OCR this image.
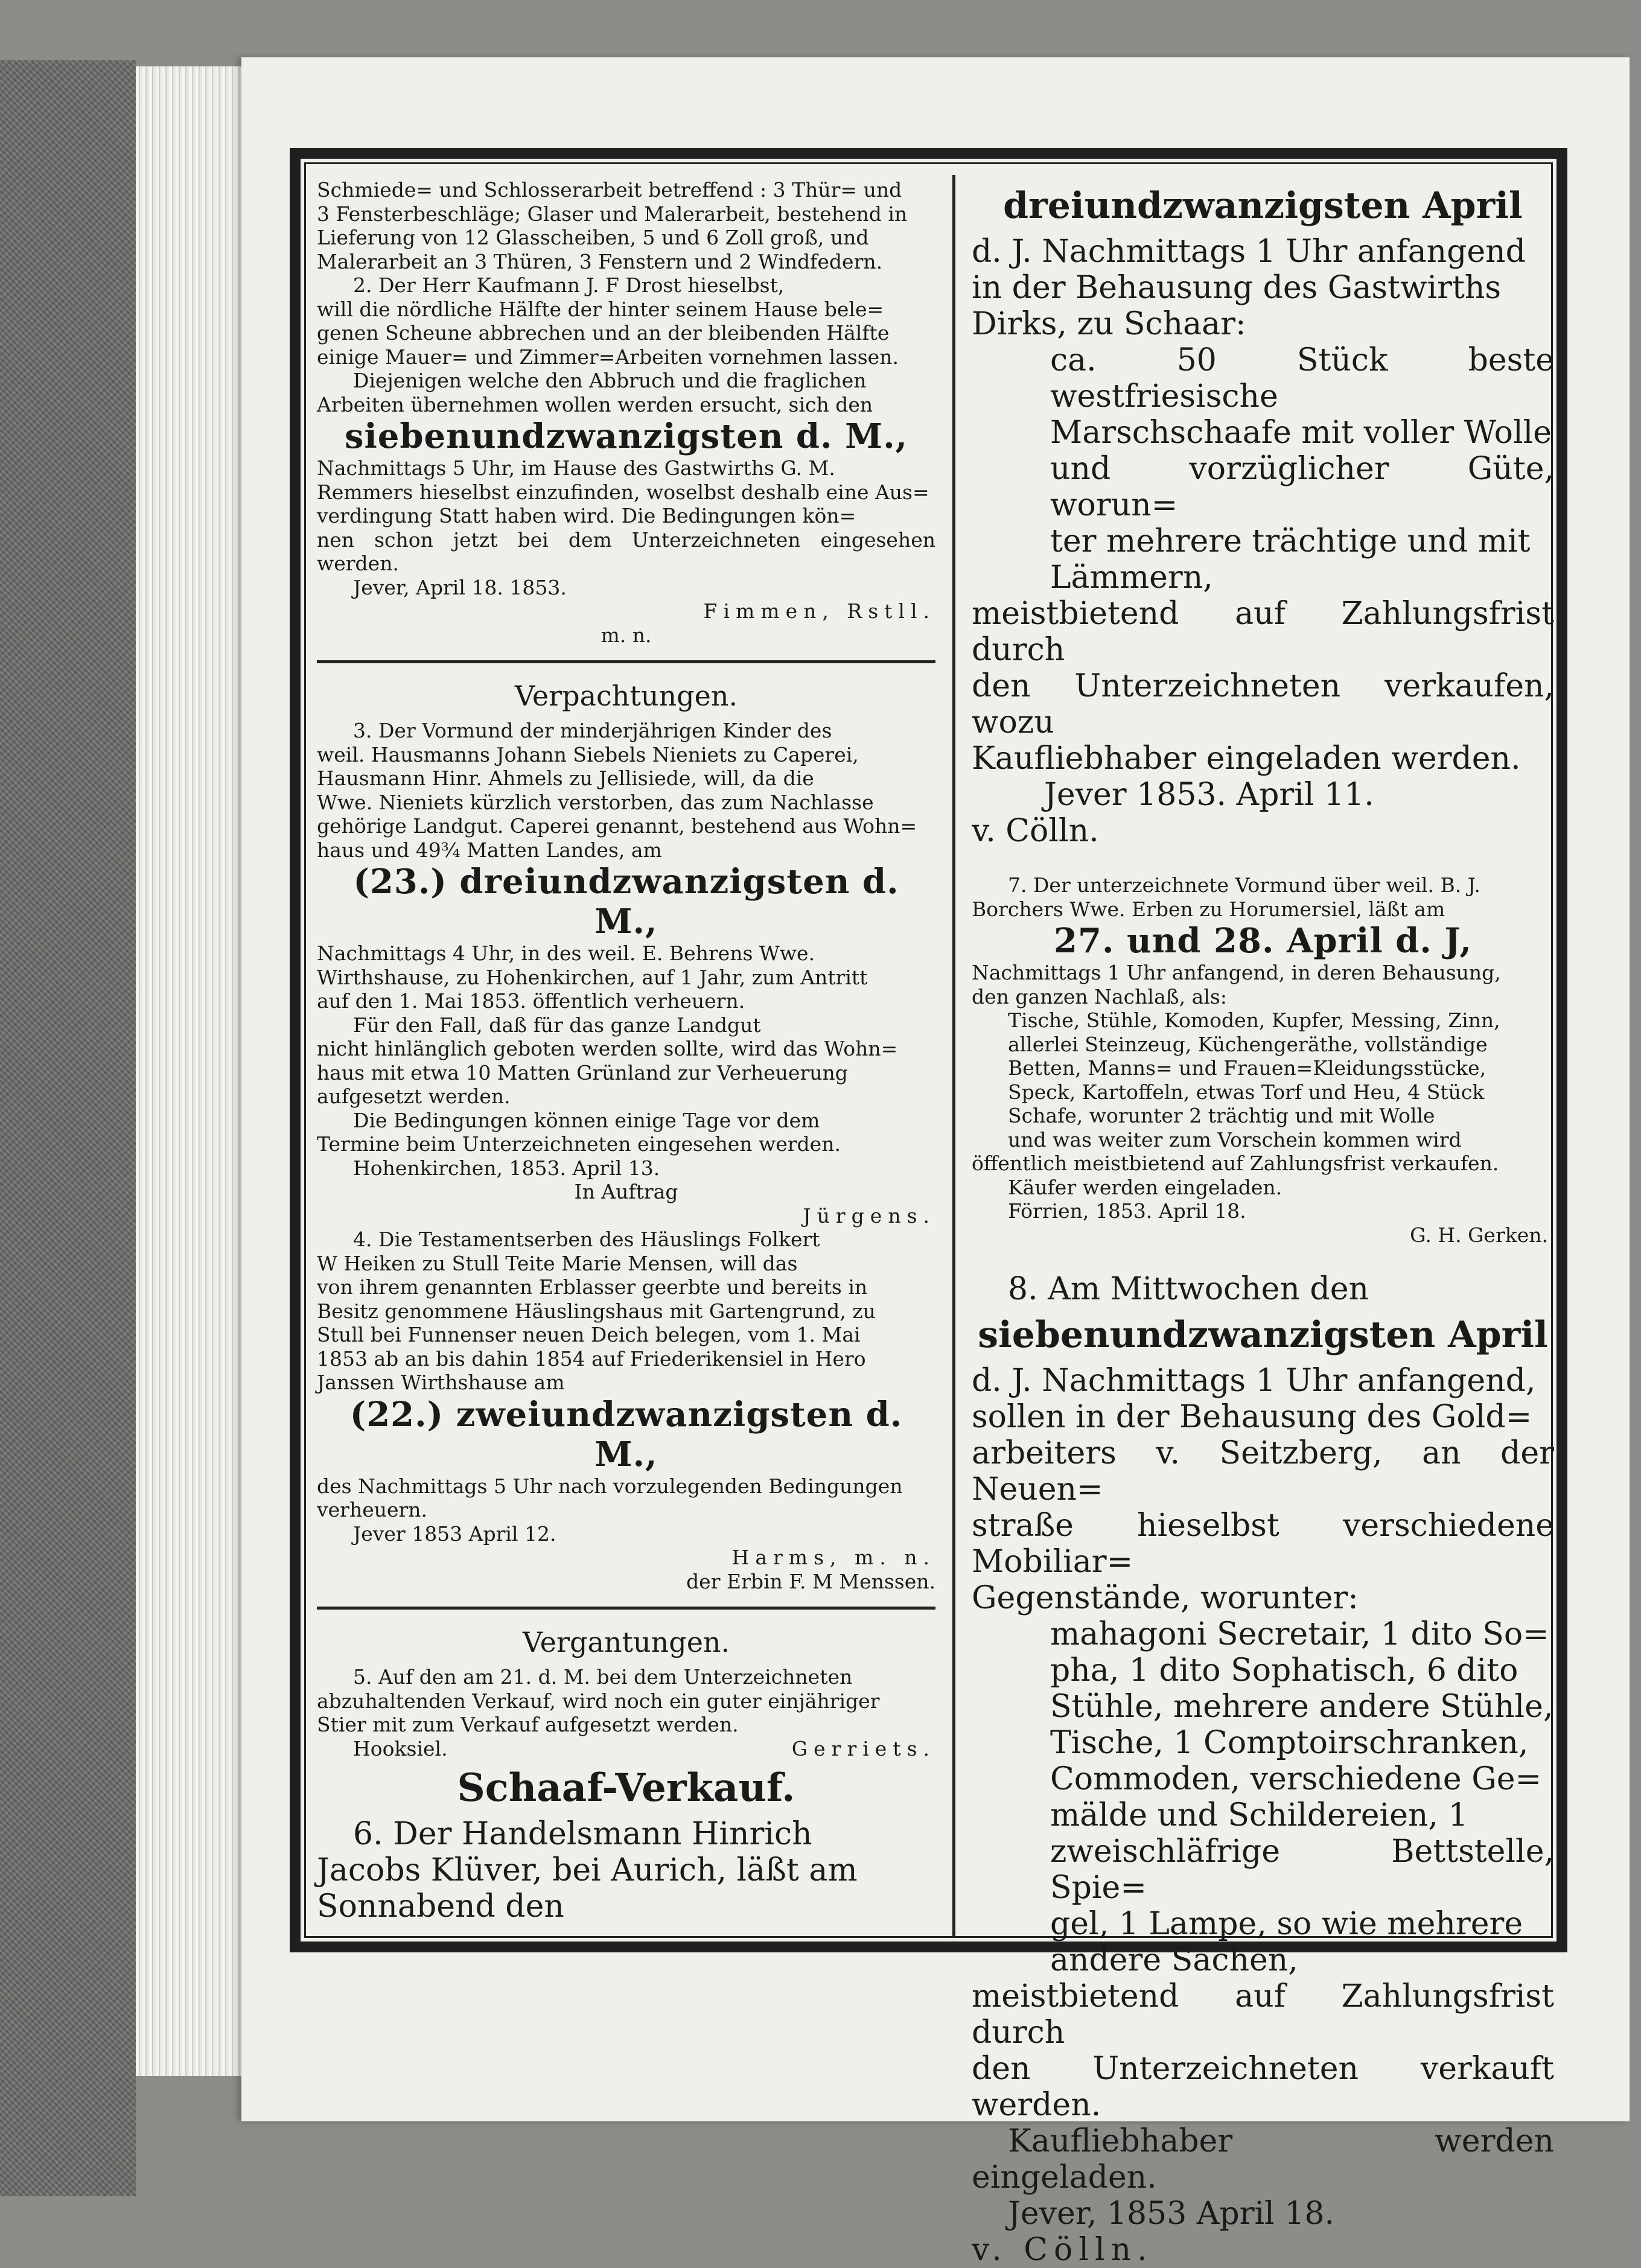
Schmiede= und Schlosserarbeit betreffend : 3 Thür= und

3 Fensterbeschläge; Glaser und Malerarbeit, bestehend in

Lieferung von 12 Glasscheiben, 5 und 6 Zoll groß, und

Malerarbeit an 3 Thüren, 3 Fenstern und 2 Windfedern.

2. Der Herr Kaufmann J. F Drost hieselbst,

will die nördliche Hälfte der hinter seinem Hause bele=

genen Scheune abbrechen und an der bleibenden Hälfte

einige Mauer= und Zimmer=Arbeiten vornehmen lassen.

Diejenigen welche den Abbruch und die fraglichen

Arbeiten übernehmen wollen werden ersucht, sich den

siebenundzwanzigsten d. M.,

Nachmittags 5 Uhr, im Hause des Gastwirths G. M.

Remmers hieselbst einzufinden, woselbst deshalb eine Aus=

verdingung Statt haben wird. Die Bedingungen kön=

nen schon jetzt bei dem Unterzeichneten eingesehen werden.

Jever, April 18. 1853.

Fimmen, Rstll.

m. n.

Verpachtungen.

3. Der Vormund der minderjährigen Kinder des

weil. Hausmanns Johann Siebels Nieniets zu Caperei,

Hausmann Hinr. Ahmels zu Jellisiede, will, da die

Wwe. Nieniets kürzlich verstorben, das zum Nachlasse

gehörige Landgut. Caperei genannt, bestehend aus Wohn=

haus und 49¾ Matten Landes, am

(23.) dreiundzwanzigsten d. M.,

Nachmittags 4 Uhr, in des weil. E. Behrens Wwe.

Wirthshause, zu Hohenkirchen, auf 1 Jahr, zum Antritt

auf den 1. Mai 1853. öffentlich verheuern.

Für den Fall, daß für das ganze Landgut

nicht hinlänglich geboten werden sollte, wird das Wohn=

haus mit etwa 10 Matten Grünland zur Verheuerung

aufgesetzt werden.

Die Bedingungen können einige Tage vor dem

Termine beim Unterzeichneten eingesehen werden.

Hohenkirchen, 1853. April 13.

In Auftrag

Jürgens.

4. Die Testamentserben des Häuslings Folkert

W Heiken zu Stull Teite Marie Mensen, will das

von ihrem genannten Erblasser geerbte und bereits in

Besitz genommene Häuslingshaus mit Gartengrund, zu

Stull bei Funnenser neuen Deich belegen, vom 1. Mai

1853 ab an bis dahin 1854 auf Friederikensiel in Hero

Janssen Wirthshause am

(22.) zweiundzwanzigsten d. M.,

des Nachmittags 5 Uhr nach vorzulegenden Bedingungen

verheuern.

Jever 1853 April 12.

Harms, m. n.

der Erbin F. M Menssen.

Vergantungen.

5. Auf den am 21. d. M. bei dem Unterzeichneten

abzuhaltenden Verkauf, wird noch ein guter einjähriger

Stier mit zum Verkauf aufgesetzt werden.

Hooksiel.	Gerriets.

Schaaf-Verkauf.

6. Der Handelsmann Hinrich

Jacobs Klüver, bei Aurich, läßt am

Sonnabend den

dreiundzwanzigsten April

d. J. Nachmittags 1 Uhr anfangend

in der Behausung des Gastwirths

Dirks, zu Schaar:

ca. 50 Stück beste westfriesische

Marschschaafe mit voller Wolle

und vorzüglicher Güte, worun=

ter mehrere trächtige und mit

Lämmern,

meistbietend auf Zahlungsfrist durch

den Unterzeichneten verkaufen, wozu

Kaufliebhaber eingeladen werden.

Jever 1853. April 11.

v. Cölln.

7. Der unterzeichnete Vormund über weil. B. J.

Borchers Wwe. Erben zu Horumersiel, läßt am

27. und 28. April d. J,

Nachmittags 1 Uhr anfangend, in deren Behausung,

den ganzen Nachlaß, als:

Tische, Stühle, Komoden, Kupfer, Messing, Zinn,

allerlei Steinzeug, Küchengeräthe, vollständige

Betten, Manns= und Frauen=Kleidungsstücke,

Speck, Kartoffeln, etwas Torf und Heu, 4 Stück

Schafe, worunter 2 trächtig und mit Wolle

und was weiter zum Vorschein kommen wird

öffentlich meistbietend auf Zahlungsfrist verkaufen.

Käufer werden eingeladen.

Förrien, 1853. April 18.

G. H. Gerken.

8. Am Mittwochen den

siebenundzwanzigsten April

d. J. Nachmittags 1 Uhr anfangend,

sollen in der Behausung des Gold=

arbeiters v. Seitzberg, an der Neuen=

straße hieselbst verschiedene Mobiliar=

Gegenstände, worunter:

mahagoni Secretair, 1 dito So=

pha, 1 dito Sophatisch, 6 dito

Stühle, mehrere andere Stühle,

Tische, 1 Comptoirschranken,

Commoden, verschiedene Ge=

mälde und Schildereien, 1

zweischläfrige Bettstelle, Spie=

gel, 1 Lampe, so wie mehrere

andere Sachen,

meistbietend auf Zahlungsfrist durch

den Unterzeichneten verkauft werden.

Kaufliebhaber werden eingeladen.

Jever, 1853 April 18.

v. Cölln.
